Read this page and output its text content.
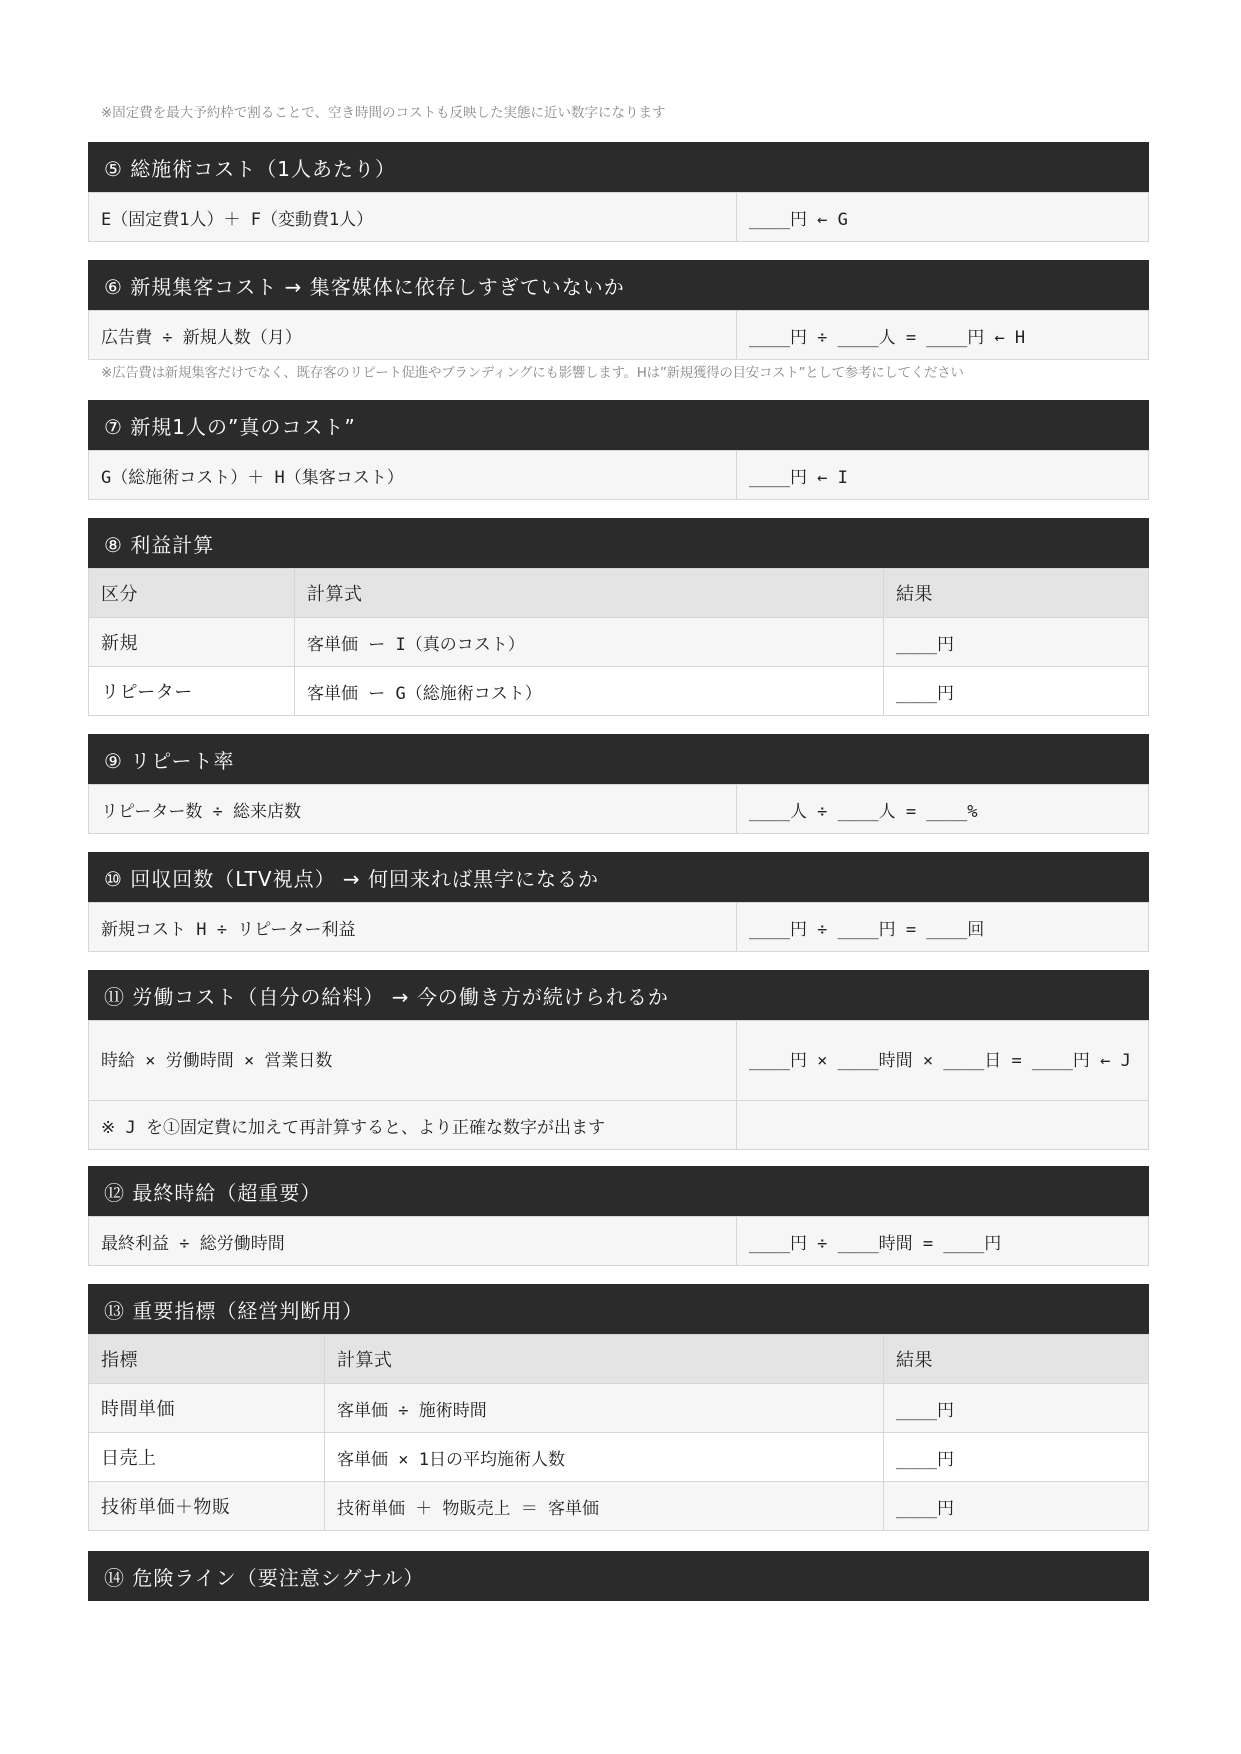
※固定費を最大予約枠で割ることで、空き時間のコストも反映した実態に近い数字になります
⑤ 総施術コスト（1人あたり）
E（固定費1人）＋ F（変動費1人）	____円 ← G
⑥ 新規集客コスト → 集客媒体に依存しすぎていないか
広告費 ÷ 新規人数（月）	____円 ÷ ____人 = ____円 ← H
※広告費は新規集客だけでなく、既存客のリピート促進やブランディングにも影響します。Hは”新規獲得の目安コスト”として参考にしてください
⑦ 新規1人の”真のコスト”
G（総施術コスト）＋ H（集客コスト）	____円 ← I
⑧ 利益計算
区分	計算式	結果
新規	客単価 ー I（真のコスト）	____円
リピーター	客単価 ー G（総施術コスト）	____円
⑨ リピート率
リピーター数 ÷ 総来店数	____人 ÷ ____人 = ____%
⑩ 回収回数（LTV視点） → 何回来れば黒字になるか
新規コスト H ÷ リピーター利益	____円 ÷ ____円 = ____回
⑪ 労働コスト（自分の給料） → 今の働き方が続けられるか
時給 × 労働時間 × 営業日数	____円 × ____時間 × ____日 = ____円 ← J
※ J を①固定費に加えて再計算すると、より正確な数字が出ます	
⑫ 最終時給（超重要）
最終利益 ÷ 総労働時間	____円 ÷ ____時間 = ____円
⑬ 重要指標（経営判断用）
指標	計算式	結果
時間単価	客単価 ÷ 施術時間	____円
日売上	客単価 × 1日の平均施術人数	____円
技術単価＋物販	技術単価 ＋ 物販売上 ＝ 客単価	____円
⑭ 危険ライン（要注意シグナル）
